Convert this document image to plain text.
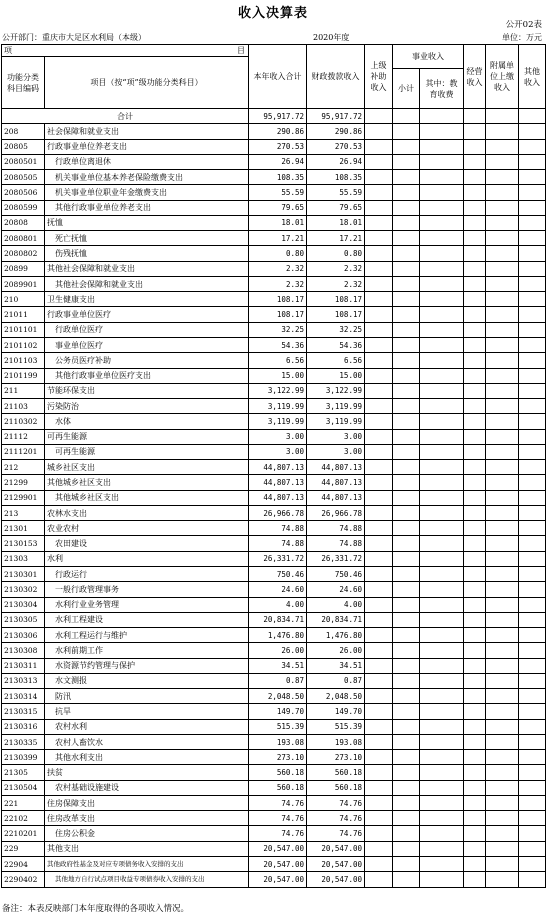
收入决算表
公开02表
公开部门：重庆市大足区水利局（本级）	2020年度	单位：万元
项 目		本年收入合计	财政拨款收入	上级补助收入	事业收入		经营收入	附属单位上缴收入	其他收入
功能分类科目编码	项目（按“项”级功能分类科目）								
					小计	其中：教育收费			
合计		95,917.72	95,917.72						
208	社会保障和就业支出	290.86	290.86						
20805	行政事业单位养老支出	270.53	270.53						
2080501	行政单位离退休	26.94	26.94						
2080505	机关事业单位基本养老保险缴费支出	108.35	108.35						
2080506	机关事业单位职业年金缴费支出	55.59	55.59						
2080599	其他行政事业单位养老支出	79.65	79.65						
20808	抚恤	18.01	18.01						
2080801	死亡抚恤	17.21	17.21						
2080802	伤残抚恤	0.80	0.80						
20899	其他社会保障和就业支出	2.32	2.32						
2089901	其他社会保障和就业支出	2.32	2.32						
210	卫生健康支出	108.17	108.17						
21011	行政事业单位医疗	108.17	108.17						
2101101	行政单位医疗	32.25	32.25						
2101102	事业单位医疗	54.36	54.36						
2101103	公务员医疗补助	6.56	6.56						
2101199	其他行政事业单位医疗支出	15.00	15.00						
211	节能环保支出	3,122.99	3,122.99						
21103	污染防治	3,119.99	3,119.99						
2110302	水体	3,119.99	3,119.99						
21112	可再生能源	3.00	3.00						
2111201	可再生能源	3.00	3.00						
212	城乡社区支出	44,807.13	44,807.13						
21299	其他城乡社区支出	44,807.13	44,807.13						
2129901	其他城乡社区支出	44,807.13	44,807.13						
213	农林水支出	26,966.78	26,966.78						
21301	农业农村	74.88	74.88						
2130153	农田建设	74.88	74.88						
21303	水利	26,331.72	26,331.72						
2130301	行政运行	750.46	750.46						
2130302	一般行政管理事务	24.60	24.60						
2130304	水利行业业务管理	4.00	4.00						
2130305	水利工程建设	20,834.71	20,834.71						
2130306	水利工程运行与维护	1,476.80	1,476.80						
2130308	水利前期工作	26.00	26.00						
2130311	水资源节约管理与保护	34.51	34.51						
2130313	水文测报	0.87	0.87						
2130314	防汛	2,048.50	2,048.50						
2130315	抗旱	149.70	149.70						
2130316	农村水利	515.39	515.39						
2130335	农村人畜饮水	193.08	193.08						
2130399	其他水利支出	273.10	273.10						
21305	扶贫	560.18	560.18						
2130504	农村基础设施建设	560.18	560.18						
221	住房保障支出	74.76	74.76						
22102	住房改革支出	74.76	74.76						
2210201	住房公积金	74.76	74.76						
229	其他支出	20,547.00	20,547.00						
22904	其他政府性基金及对应专项债务收入安排的支出	20,547.00	20,547.00						
2290402	其他地方自行试点项目收益专项债券收入安排的支出	20,547.00	20,547.00						
备注：本表反映部门本年度取得的各项收入情况。
